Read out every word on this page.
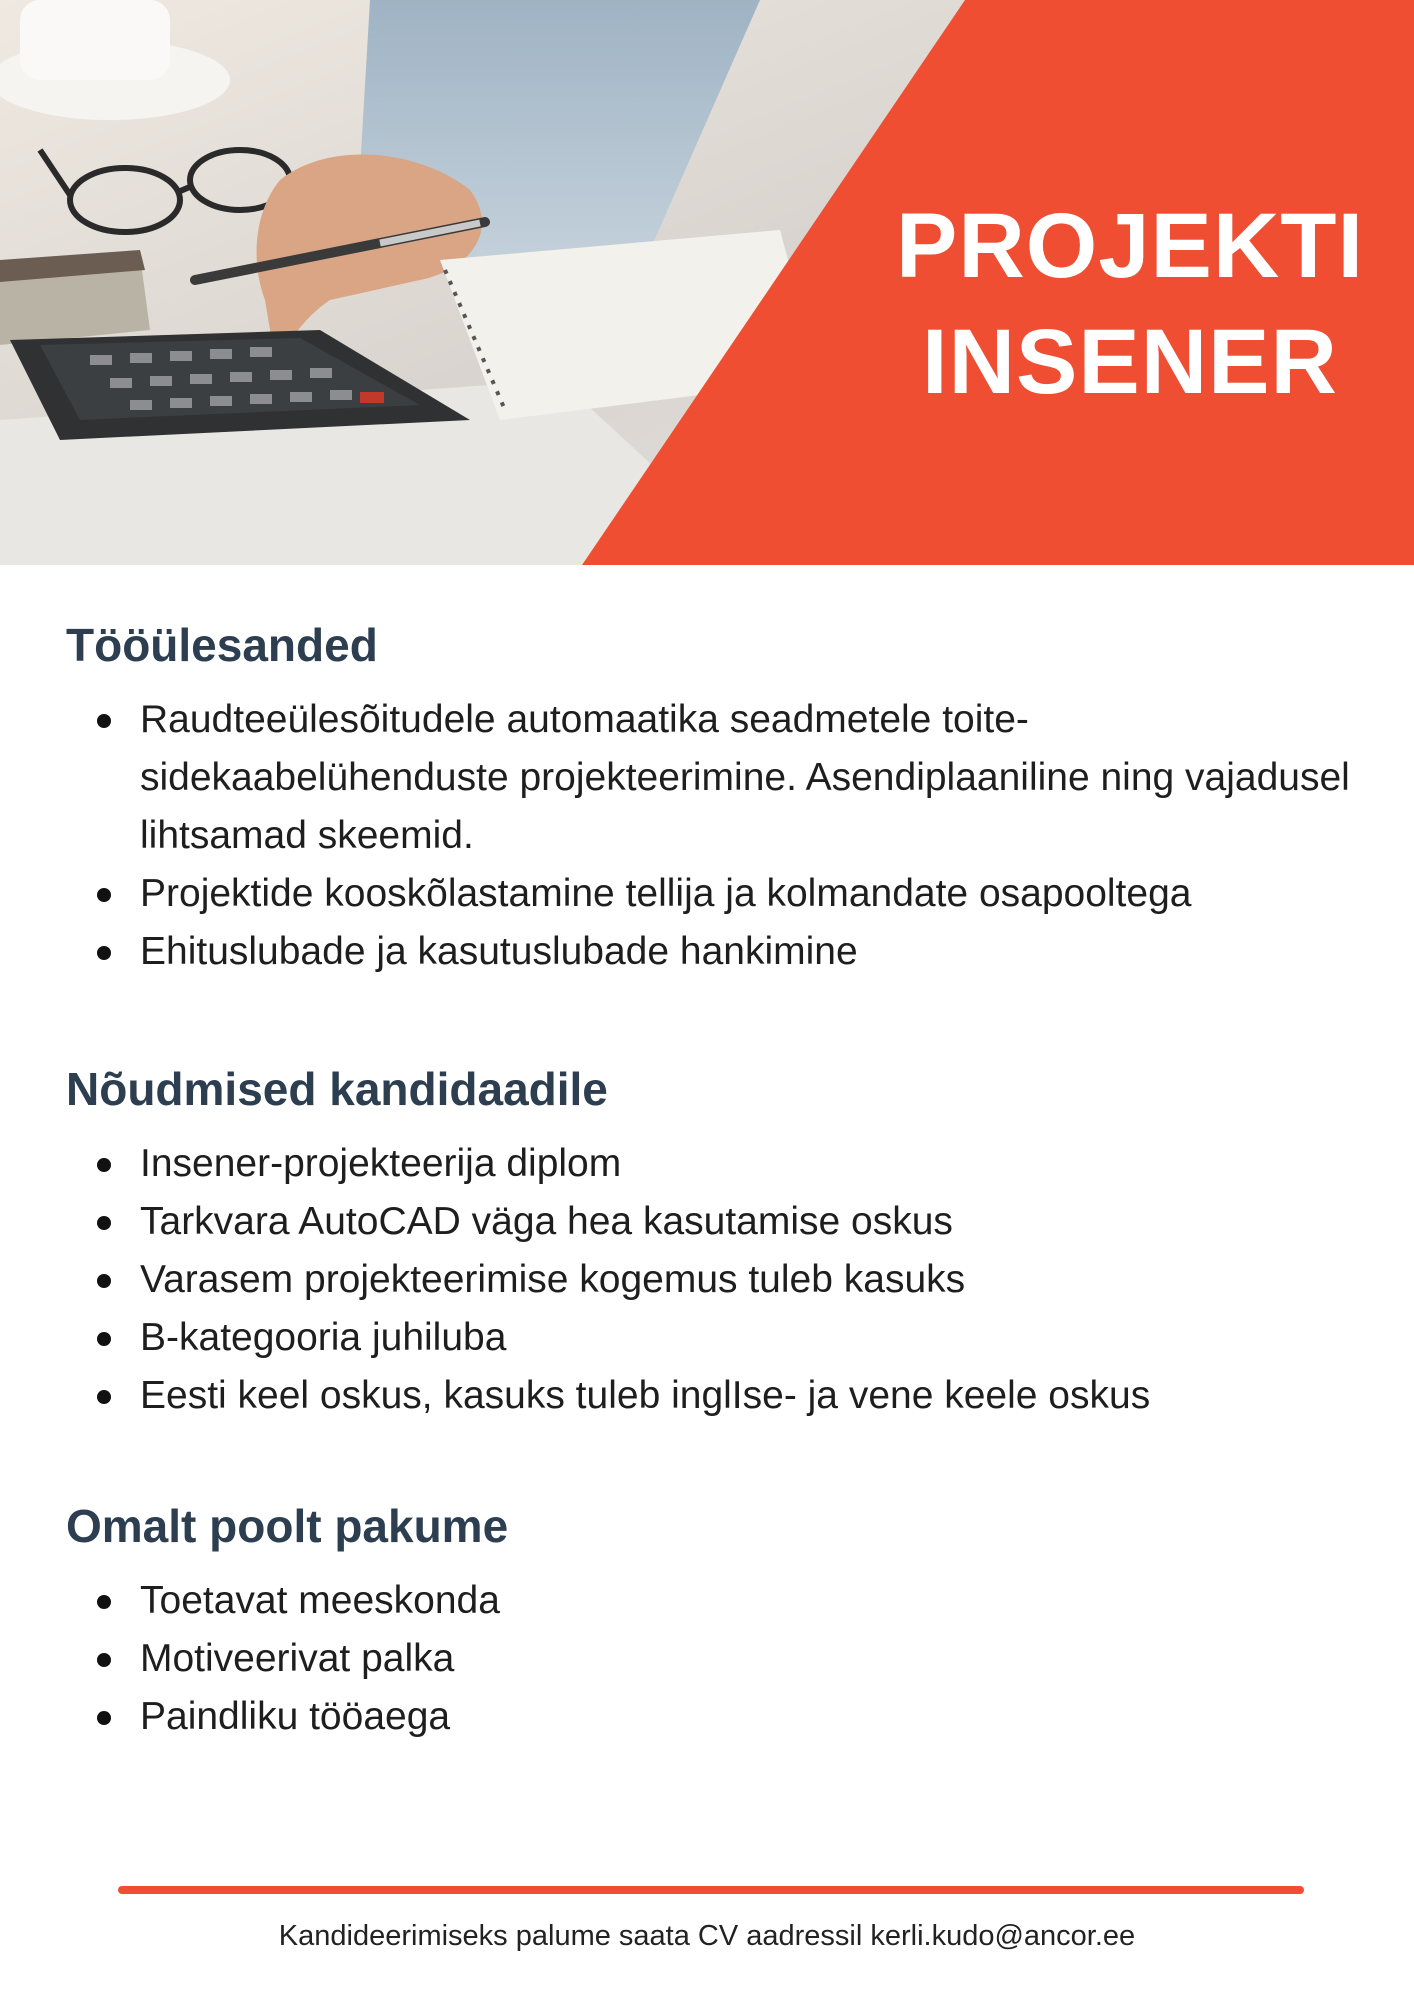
PROJEKTI
INSENER
Tööülesanded
Raudteeülesõitudele automaatika seadmetele toite-sidekaabelühenduste projekteerimine. Asendiplaaniline ning vajadusel lihtsamad skeemid.
Projektide kooskõlastamine tellija ja kolmandate osapooltega
Ehituslubade ja kasutuslubade hankimine
Nõudmised kandidaadile
Insener-projekteerija diplom
Tarkvara AutoCAD väga hea kasutamise oskus
Varasem projekteerimise kogemus tuleb kasuks
B-kategooria juhiluba
Eesti keel oskus, kasuks tuleb inglIse- ja vene keele oskus
Omalt poolt pakume
Toetavat meeskonda
Motiveerivat palka
Paindliku tööaega
Kandideerimiseks palume saata CV aadressil kerli.kudo@ancor.ee
